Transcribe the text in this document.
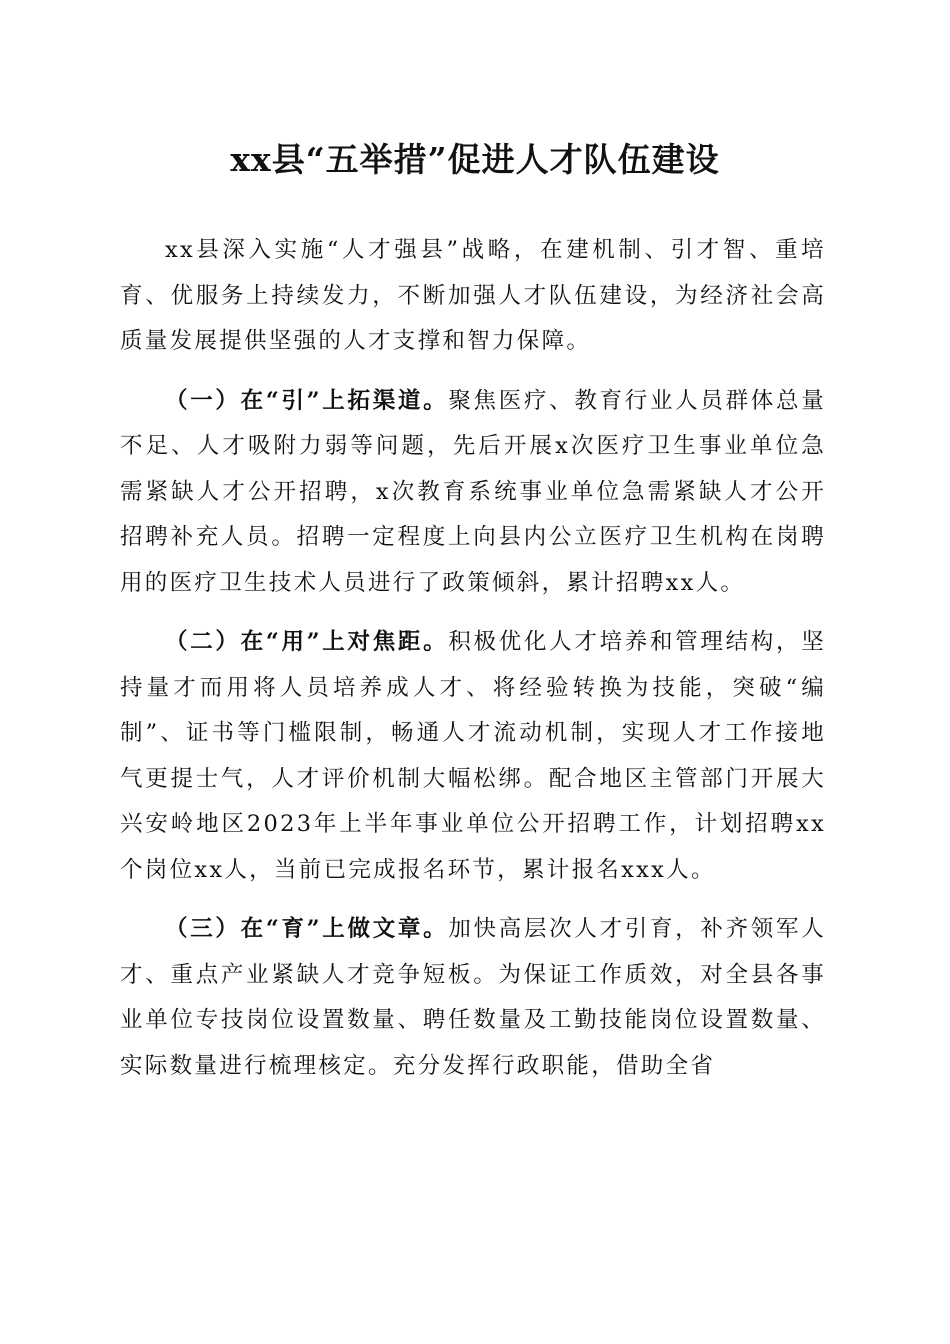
xx县“五举措”促进人才队伍建设

xx县深入实施“人才强县”战略，在建机制、引才智、重培育、优服务上持续发力，不断加强人才队伍建设，为经济社会高质量发展提供坚强的人才支撑和智力保障。

（一）在“引”上拓渠道。聚焦医疗、教育行业人员群体总量不足、人才吸附力弱等问题，先后开展x次医疗卫生事业单位急需紧缺人才公开招聘，x次教育系统事业单位急需紧缺人才公开招聘补充人员。招聘一定程度上向县内公立医疗卫生机构在岗聘用的医疗卫生技术人员进行了政策倾斜，累计招聘xx人。

（二）在“用”上对焦距。积极优化人才培养和管理结构，坚持量才而用将人员培养成人才、将经验转换为技能，突破“编制”、证书等门槛限制，畅通人才流动机制，实现人才工作接地气更提士气，人才评价机制大幅松绑。配合地区主管部门开展大兴安岭地区2023年上半年事业单位公开招聘工作，计划招聘xx个岗位xx人，当前已完成报名环节，累计报名xxx人。

（三）在“育”上做文章。加快高层次人才引育，补齐领军人才、重点产业紧缺人才竞争短板。为保证工作质效，对全县各事业单位专技岗位设置数量、聘任数量及工勤技能岗位设置数量、实际数量进行梳理核定。充分发挥行政职能，借助全省
